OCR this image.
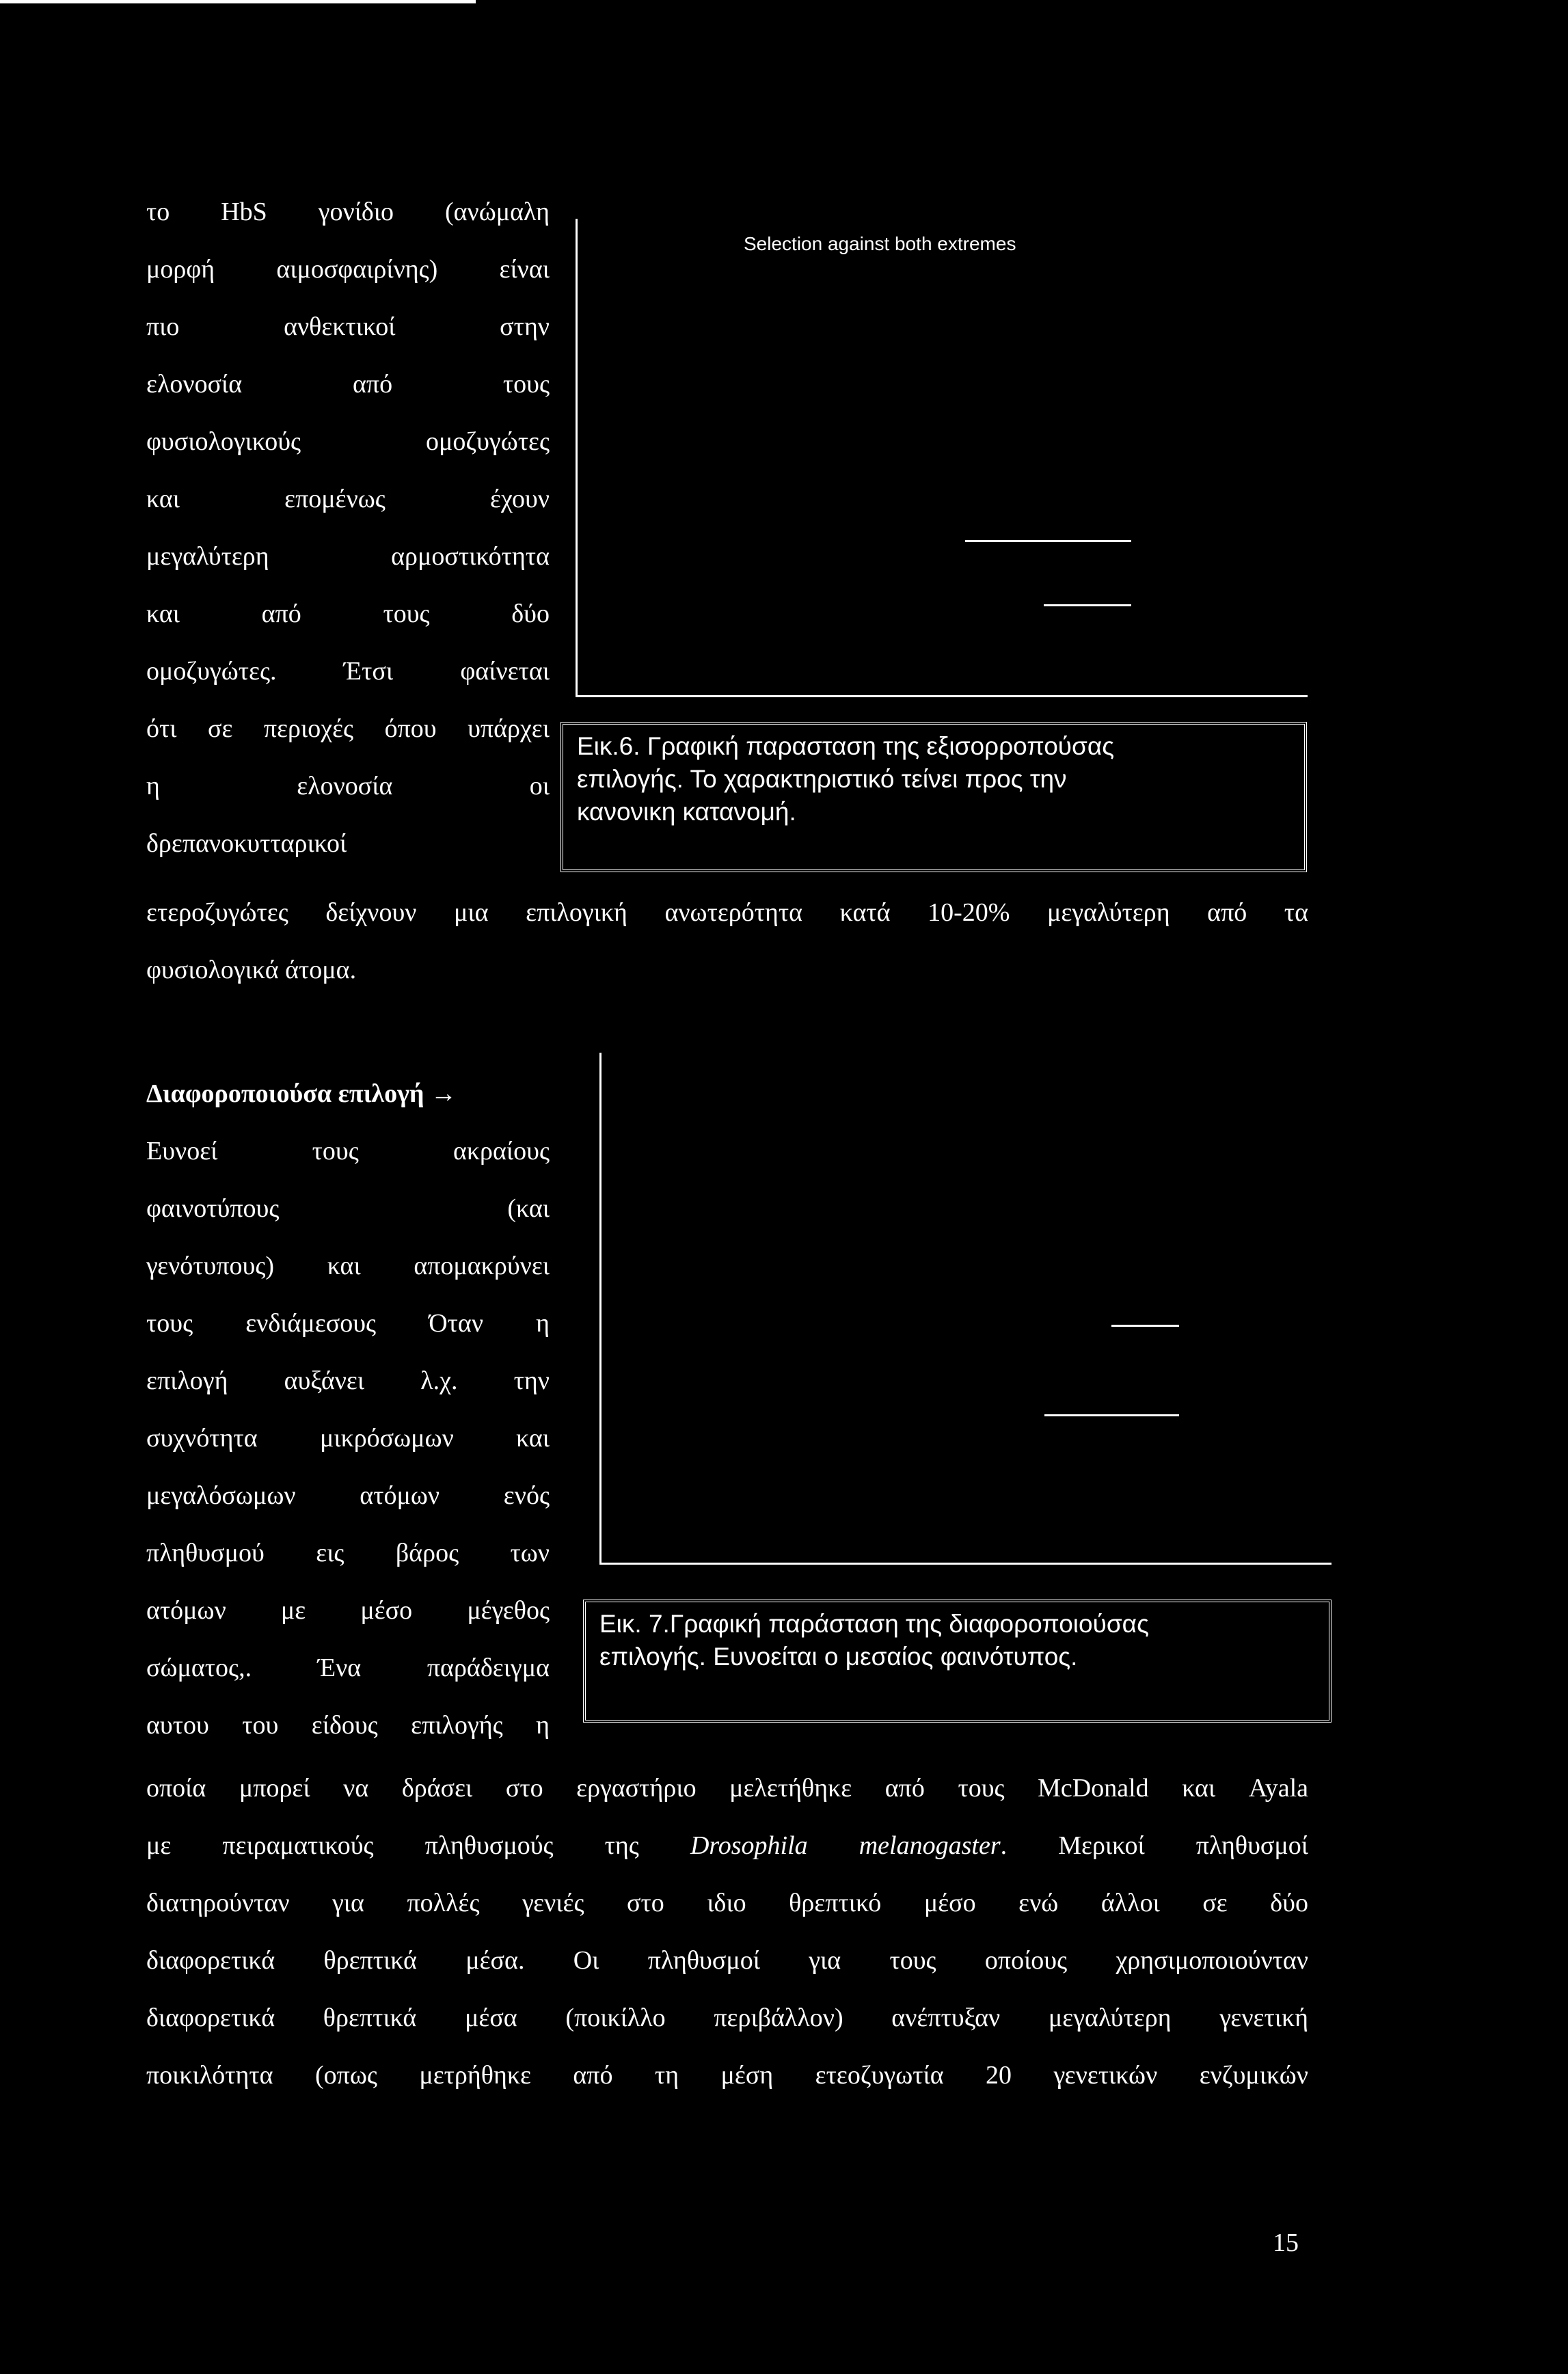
το HbS γονίδιο (ανώμαλη
μορφή αιμοσφαιρίνης) είναι
πιο ανθεκτικοί στην
ελονοσία από τους
φυσιολογικούς ομοζυγώτες
και επομένως έχουν
μεγαλύτερη αρμοστικότητα
και από τους δύο
ομοζυγώτες. Έτσι φαίνεται
ότι σε περιοχές όπου υπάρχει
η ελονοσία οι
δρεπανοκυτταρικοί
Selection against both extremes
Εικ.6. Γραφική παρασταση της εξισορροπούσας
επιλογής. Το χαρακτηριστικό τείνει προς την
κανονικη κατανομή.
ετεροζυγώτες δείχνουν μια επιλογική ανωτερότητα κατά 10-20% μεγαλύτερη από τα
φυσιολογικά άτομα.
Διαφοροποιούσα επιλογή →
Ευνοεί τους ακραίους
φαινοτύπους (και
γενότυπους) και απομακρύνει
τους ενδιάμεσους Όταν η
επιλογή αυξάνει λ.χ. την
συχνότητα μικρόσωμων και
μεγαλόσωμων ατόμων ενός
πληθυσμού εις βάρος των
ατόμων με μέσο μέγεθος
σώματος,. Ένα παράδειγμα
αυτου του είδους επιλογής η
Εικ. 7.Γραφική παράσταση της διαφοροποιούσας
επιλογής. Ευνοείται ο μεσαίος φαινότυπος.
οποία μπορεί να δράσει στο εργαστήριο μελετήθηκε από τους McDonald και Ayala
με πειραματικούς πληθυσμούς της Drosophila melanogaster. Μερικοί πληθυσμοί
διατηρούνταν για πολλές γενιές στο ιδιο θρεπτικό μέσο ενώ άλλοι σε δύο
διαφορετικά θρεπτικά μέσα. Οι πληθυσμοί για τους οποίους χρησιμοποιούνταν
διαφορετικά θρεπτικά μέσα (ποικίλλο περιβάλλον) ανέπτυξαν μεγαλύτερη γενετική
ποικιλότητα (οπως μετρήθηκε από τη μέση ετεοζυγωτία 20 γενετικών ενζυμικών
15
